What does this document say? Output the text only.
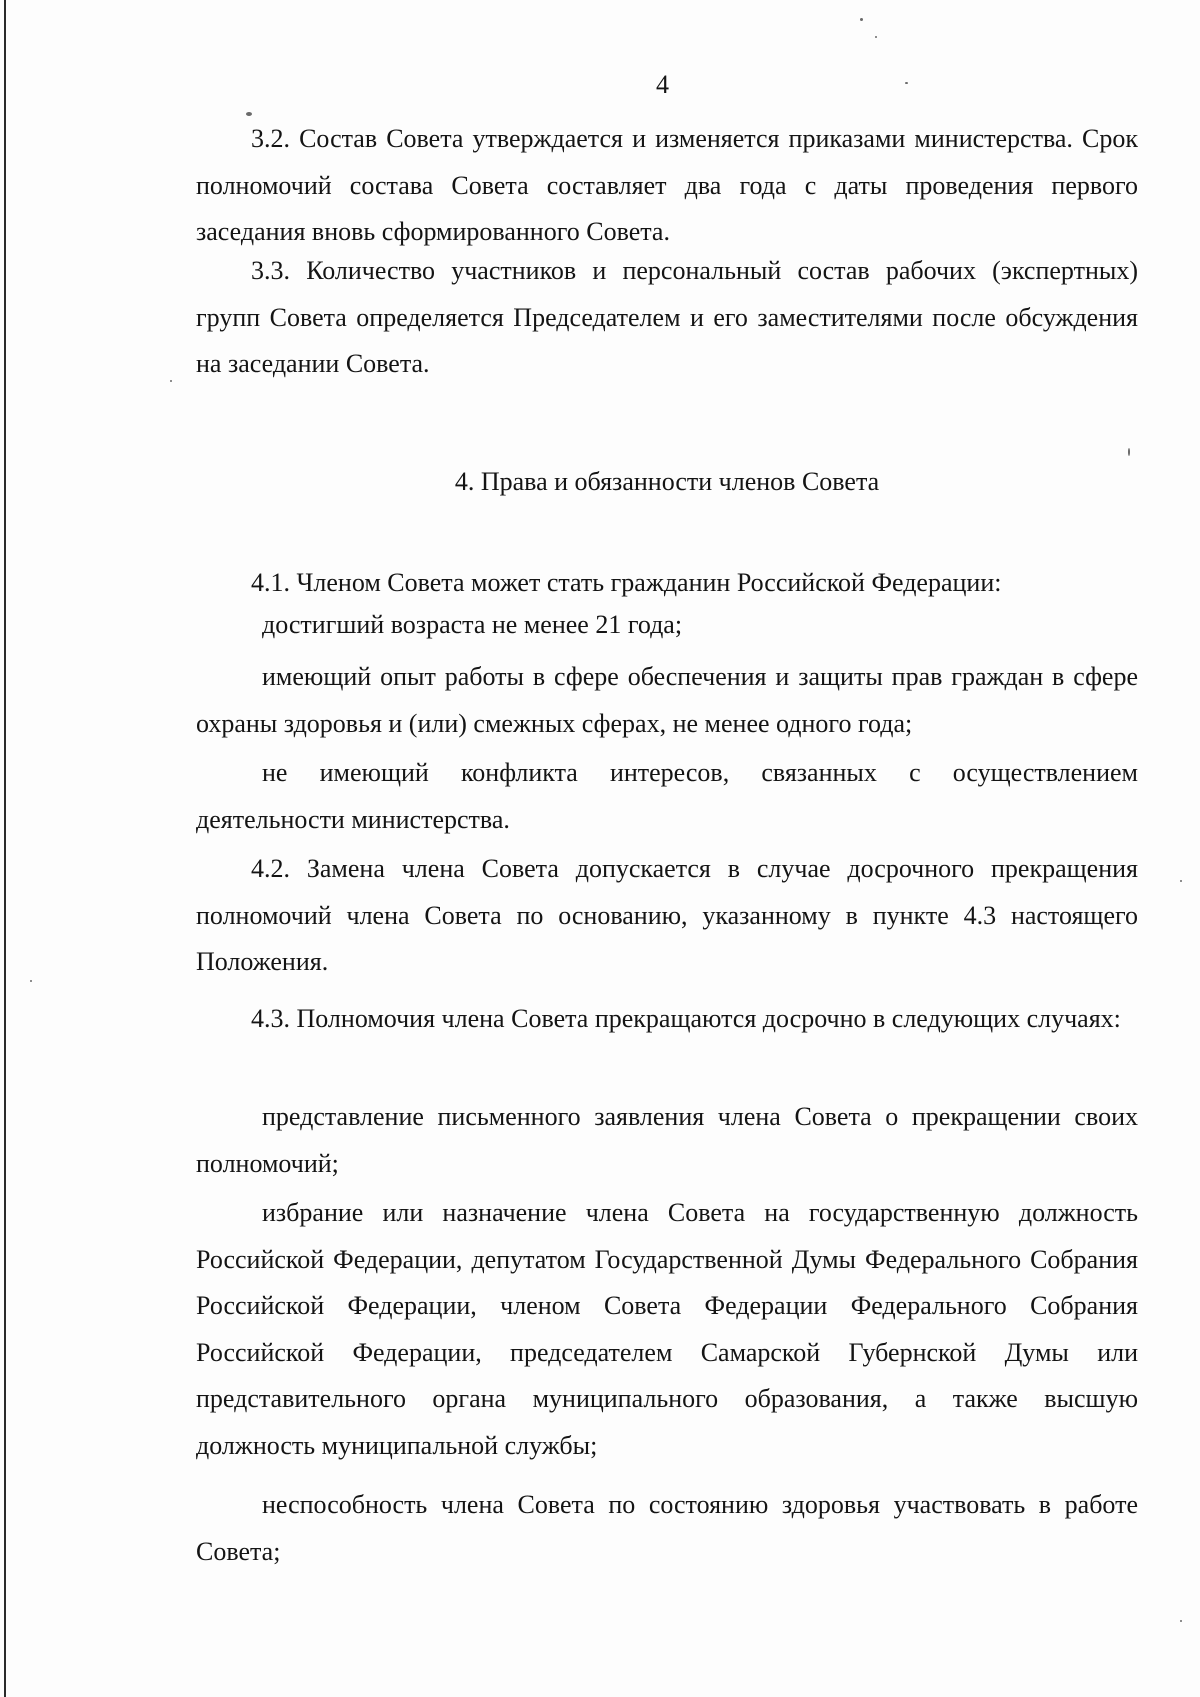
4

3.2. Состав Совета утверждается и изменяется приказами министерства. Срок полномочий состава Совета составляет два года с даты проведения первого заседания вновь сформированного Совета.

3.3. Количество участников и персональный состав рабочих (экспертных) групп Совета определяется Председателем и его заместителями после обсуждения на заседании Совета.

4. Права и обязанности членов Совета

4.1. Членом Совета может стать гражданин Российской Федерации:

достигший возраста не менее 21 года;

имеющий опыт работы в сфере обеспечения и защиты прав граждан в сфере охраны здоровья и (или) смежных сферах, не менее одного года;

не имеющий конфликта интересов, связанных с осуществлением деятельности министерства.

4.2. Замена члена Совета допускается в случае досрочного прекращения полномочий члена Совета по основанию, указанному в пункте 4.3 настоящего Положения.

4.3. Полномочия члена Совета прекращаются досрочно в следующих случаях:

представление письменного заявления члена Совета о прекращении своих полномочий;

избрание или назначение члена Совета на государственную должность Российской Федерации, депутатом Государственной Думы Федерального Собрания Российской Федерации, членом Совета Федерации Федерального Собрания Российской Федерации, председателем Самарской Губернской Думы или представительного органа муниципального образования, а также высшую должность муниципальной службы;

неспособность члена Совета по состоянию здоровья участвовать в работе Совета;
